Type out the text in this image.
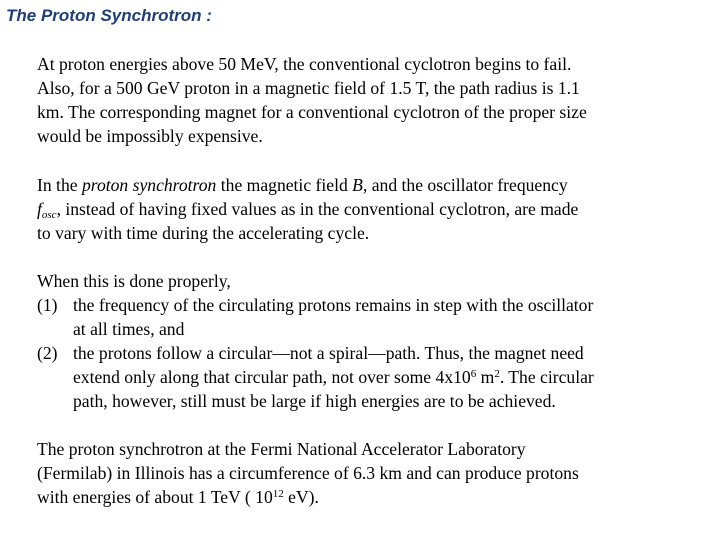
The Proton Synchrotron :
At proton energies above 50 MeV, the conventional cyclotron begins to fail.
Also, for a 500 GeV proton in a magnetic field of 1.5 T, the path radius is 1.1
km. The corresponding magnet for a conventional cyclotron of the proper size
would be impossibly expensive.
In the proton synchrotron the magnetic field B, and the oscillator frequency
$f_{osc}$, instead of having fixed values as in the conventional cyclotron, are made
to vary with time during the accelerating cycle.
When this is done properly,
(1) the frequency of the circulating protons remains in step with the oscillator
at all times, and
(2) the protons follow a circular—not a spiral—path. Thus, the magnet need
extend only along that circular path, not over some $4x10^6$ $m^2$. The circular
path, however, still must be large if high energies are to be achieved.
The proton synchrotron at the Fermi National Accelerator Laboratory
(Fermilab) in Illinois has a circumference of 6.3 km and can produce protons
with energies of about 1 TeV ( $10^{12}$ eV).
